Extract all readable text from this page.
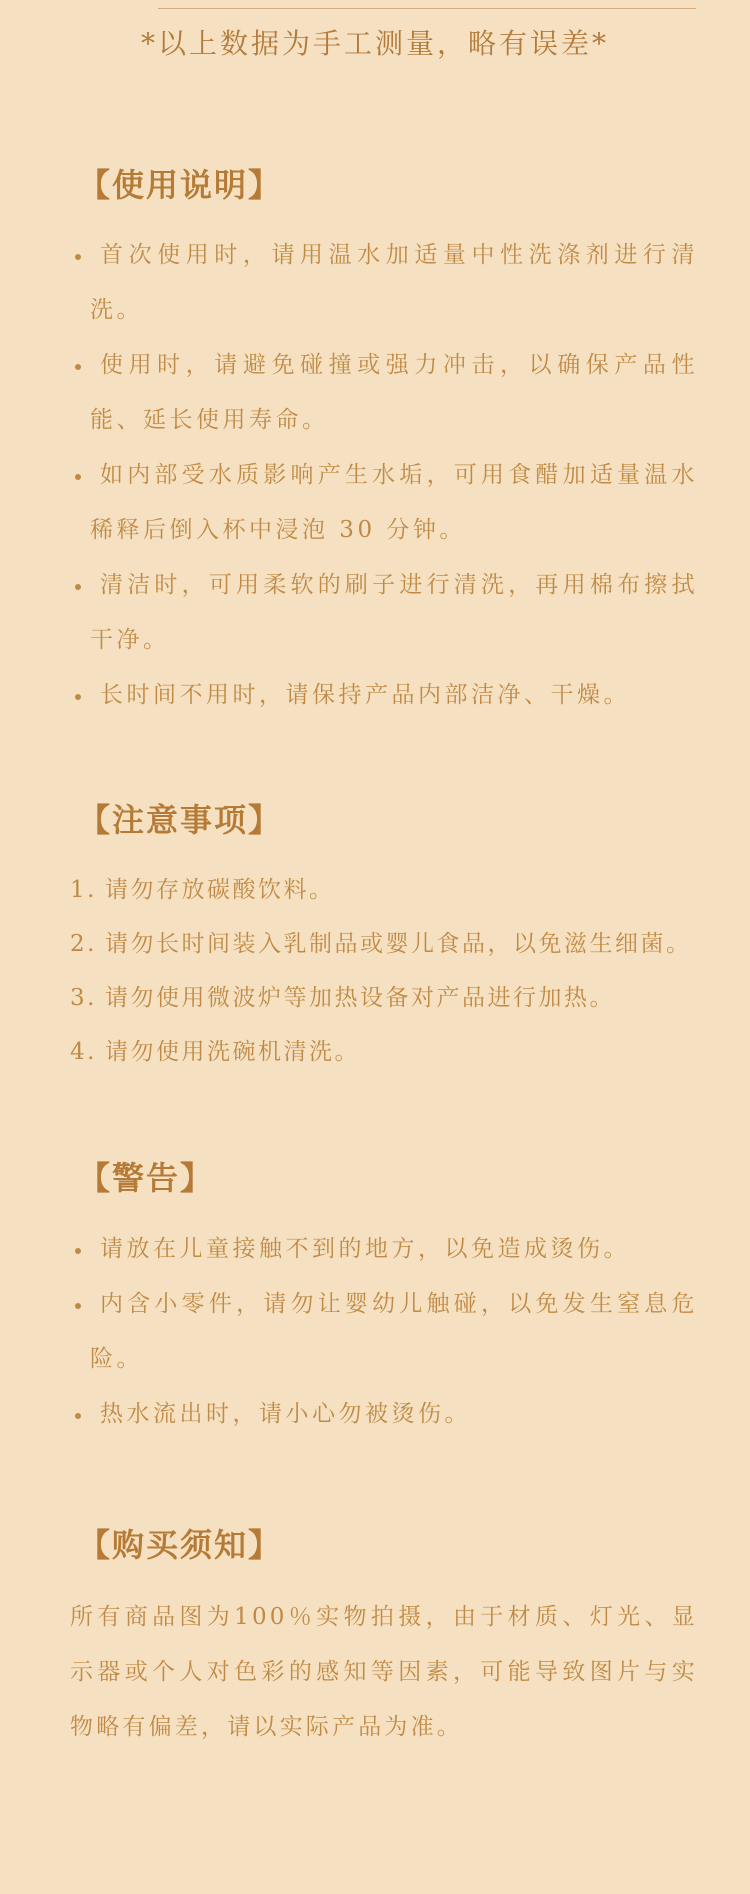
*以上数据为手工测量，略有误差*
【使用说明】
首次使用时，请用温水加适量中性洗涤剂进行清洗。
使用时，请避免碰撞或强力冲击，以确保产品性能、延长使用寿命。
如内部受水质影响产生水垢，可用食醋加适量温水稀释后倒入杯中浸泡 30 分钟。
清洁时，可用柔软的刷子进行清洗，再用棉布擦拭干净。
长时间不用时，请保持产品内部洁净、干燥。
【注意事项】
1. 请勿存放碳酸饮料。
2. 请勿长时间装入乳制品或婴儿食品，以免滋生细菌。
3. 请勿使用微波炉等加热设备对产品进行加热。
4. 请勿使用洗碗机清洗。
【警告】
请放在儿童接触不到的地方，以免造成烫伤。
内含小零件，请勿让婴幼儿触碰，以免发生窒息危险。
热水流出时，请小心勿被烫伤。
【购买须知】

所有商品图为100％实物拍摄，由于材质、灯光、显示器或个人对色彩的感知等因素，可能导致图片与实物略有偏差，请以实际产品为准。
